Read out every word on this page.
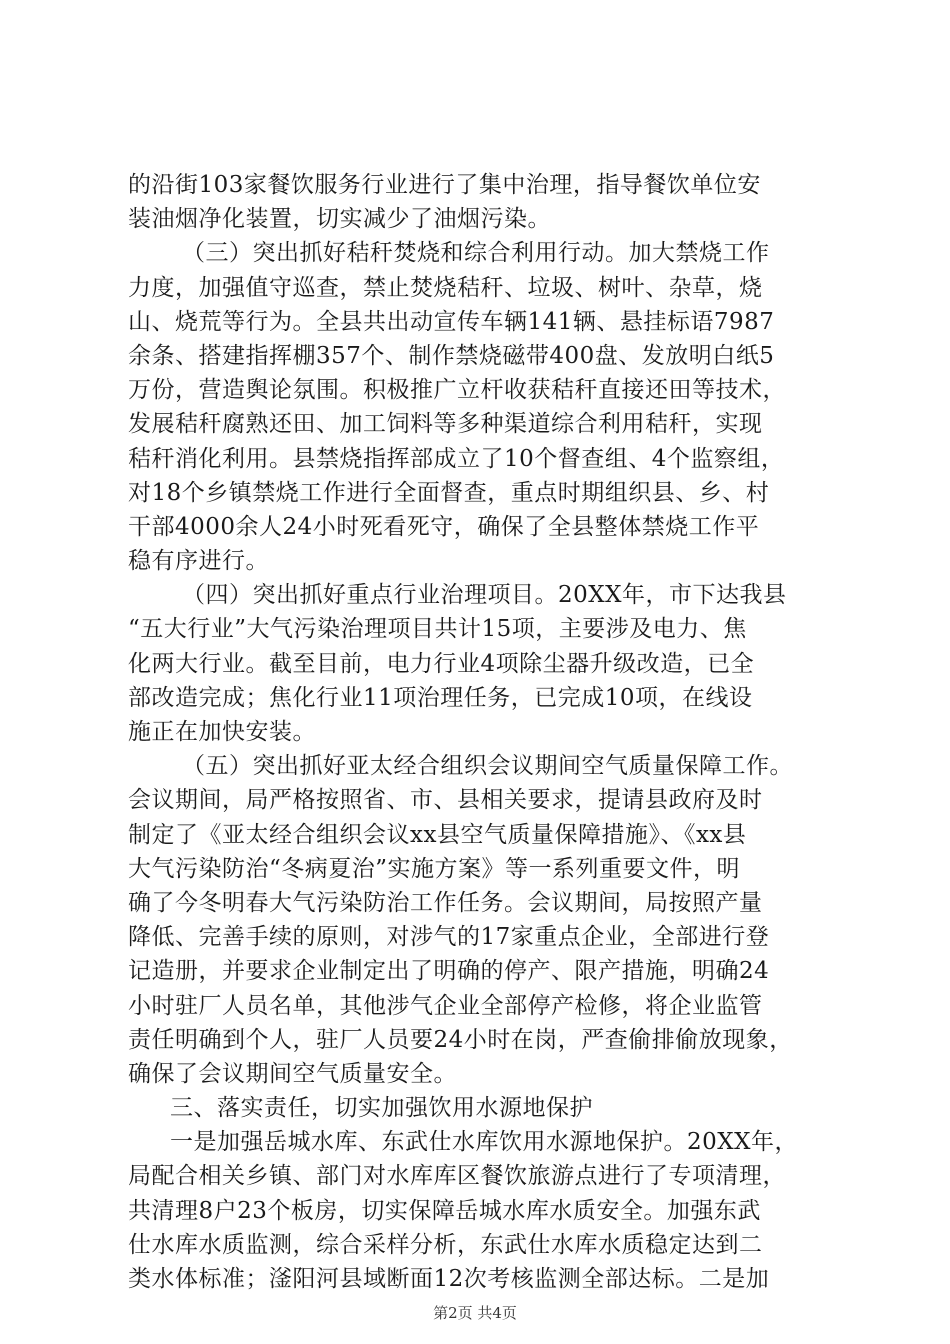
的沿街103家餐饮服务行业进行了集中治理，指导餐饮单位安
装油烟净化装置，切实减少了油烟污染。
（三）突出抓好秸秆焚烧和综合利用行动。加大禁烧工作
力度，加强值守巡查，禁止焚烧秸秆、垃圾、树叶、杂草，烧
山、烧荒等行为。全县共出动宣传车辆141辆、悬挂标语7987
余条、搭建指挥棚357个、制作禁烧磁带400盘、发放明白纸5
万份，营造舆论氛围。积极推广立杆收获秸秆直接还田等技术，
发展秸秆腐熟还田、加工饲料等多种渠道综合利用秸秆，实现
秸秆消化利用。县禁烧指挥部成立了10个督查组、4个监察组，
对18个乡镇禁烧工作进行全面督查，重点时期组织县、乡、村
干部4000余人24小时死看死守，确保了全县整体禁烧工作平
稳有序进行。
（四）突出抓好重点行业治理项目。20XX年，市下达我县
“五大行业”大气污染治理项目共计15项，主要涉及电力、焦
化两大行业。截至目前，电力行业4项除尘器升级改造，已全
部改造完成；焦化行业11项治理任务，已完成10项，在线设
施正在加快安装。
（五）突出抓好亚太经合组织会议期间空气质量保障工作。
会议期间，局严格按照省、市、县相关要求，提请县政府及时
制定了《亚太经合组织会议xx县空气质量保障措施》、《xx县
大气污染防治“冬病夏治”实施方案》等一系列重要文件，明
确了今冬明春大气污染防治工作任务。会议期间，局按照产量
降低、完善手续的原则，对涉气的17家重点企业，全部进行登
记造册，并要求企业制定出了明确的停产、限产措施，明确24
小时驻厂人员名单，其他涉气企业全部停产检修，将企业监管
责任明确到个人，驻厂人员要24小时在岗，严查偷排偷放现象，
确保了会议期间空气质量安全。
三、落实责任，切实加强饮用水源地保护
一是加强岳城水库、东武仕水库饮用水源地保护。20XX年，
局配合相关乡镇、部门对水库库区餐饮旅游点进行了专项清理，
共清理8户23个板房，切实保障岳城水库水质安全。加强东武
仕水库水质监测，综合采样分析，东武仕水库水质稳定达到二
类水体标准；滏阳河县域断面12次考核监测全部达标。二是加
第2页 共4页
